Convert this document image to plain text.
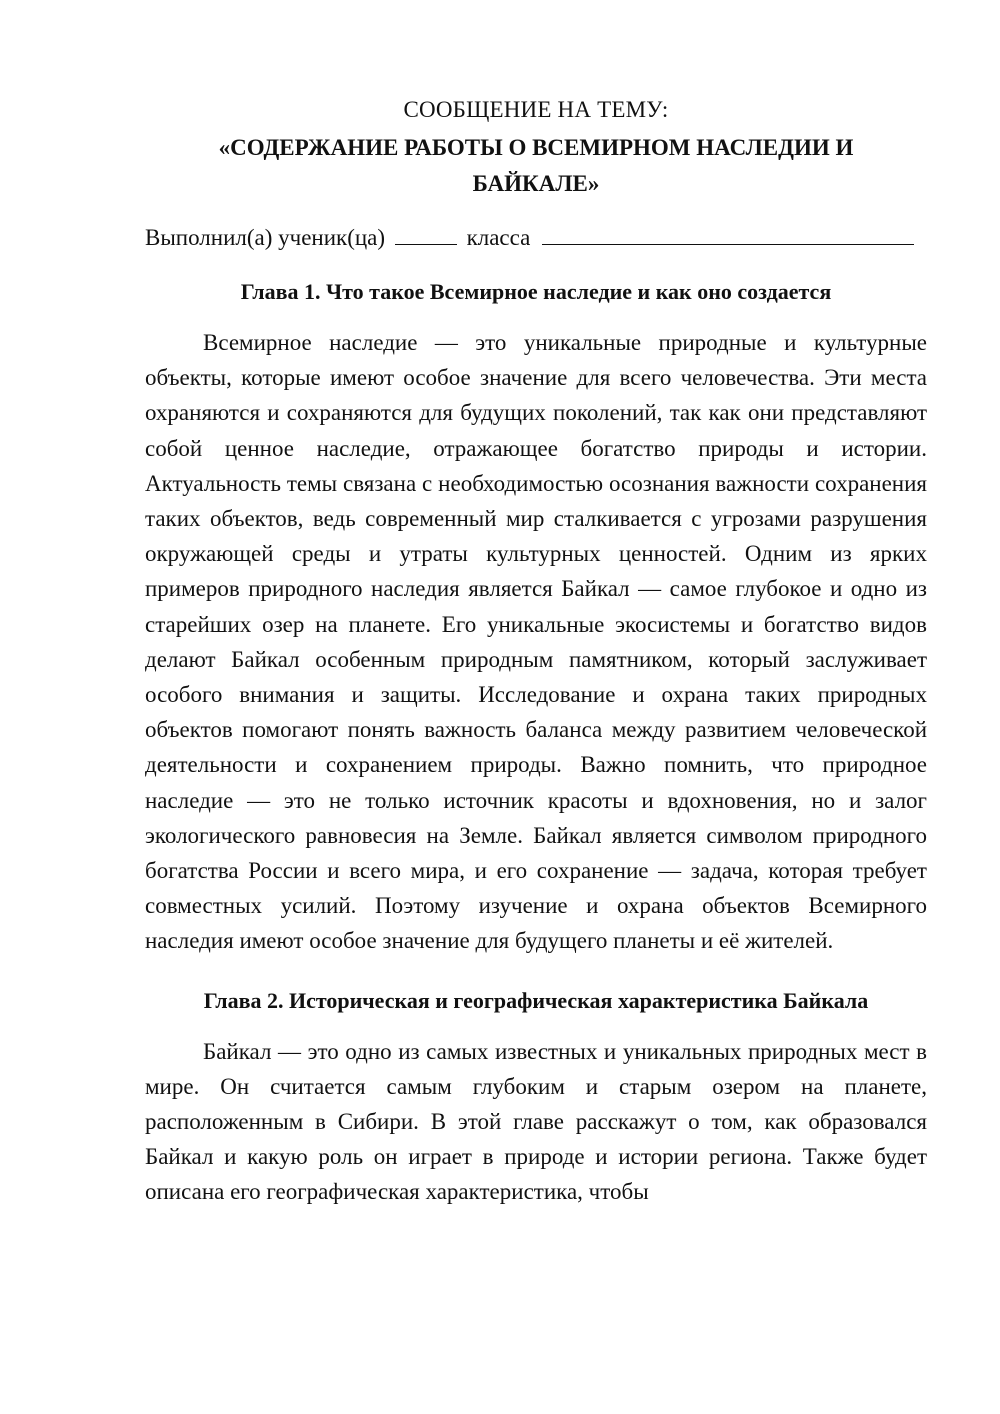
СООБЩЕНИЕ НА ТЕМУ:

«СОДЕРЖАНИЕ РАБОТЫ О ВСЕМИРНОМ НАСЛЕДИИ И БАЙКАЛЕ»

Выполнил(а) ученик(ца)	класса

Глава 1. Что такое Всемирное наследие и как оно создается

Всемирное наследие — это уникальные природные и культурные объекты, которые имеют особое значение для всего человечества. Эти места охраняются и сохраняются для будущих поколений, так как они представляют собой ценное наследие, отражающее богатство природы и истории. Актуальность темы связана с необходимостью осознания важности сохранения таких объектов, ведь современный мир сталкивается с угрозами разрушения окружающей среды и утраты культурных ценностей. Одним из ярких примеров природного наследия является Байкал — самое глубокое и одно из старейших озер на планете. Его уникальные экосистемы и богатство видов делают Байкал особенным природным памятником, который заслуживает особого внимания и защиты. Исследование и охрана таких природных объектов помогают понять важность баланса между развитием человеческой деятельности и сохранением природы. Важно помнить, что природное наследие — это не только источник красоты и вдохновения, но и залог экологического равновесия на Земле. Байкал является символом природного богатства России и всего мира, и его сохранение — задача, которая требует совместных усилий. Поэтому изучение и охрана объектов Всемирного наследия имеют особое значение для будущего планеты и её жителей.

Глава 2. Историческая и географическая характеристика Байкала

Байкал — это одно из самых известных и уникальных природных мест в мире. Он считается самым глубоким и старым озером на планете, расположенным в Сибири. В этой главе расскажут о том, как образовался Байкал и какую роль он играет в природе и истории региона. Также будет описана его географическая характеристика, чтобы
